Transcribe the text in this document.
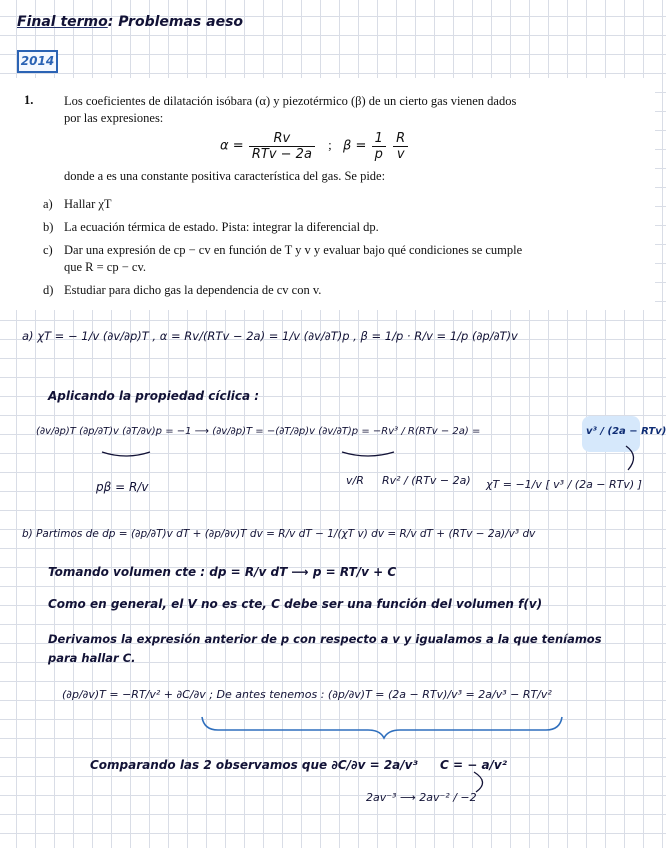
Final termo: Problemas aeso
2014
1. Los coeficientes de dilatación isóbara (α) y piezotérmico (β) de un cierto gas vienen dados por las expresiones:
$\alpha = \frac{Rv}{\text{RTv − 2a}}$ ; $\beta = \frac{1}{p}$
$\frac{R}{v}$
donde a es una constante positiva característica del gas. Se pide:
a) Hallar χT
b) La ecuación térmica de estado. Pista: integrar la diferencial dp.
c) Dar una expresión de cp − cv en función de T y v y evaluar bajo qué condiciones se cumple que R = cp − cv.
d) Estudiar para dicho gas la dependencia de cv con v.
a) χT = − 1/v (∂v/∂p)T , α = Rv/(RTv − 2a) = 1/v (∂v/∂T)p , β = 1/p · R/v = 1/p (∂p/∂T)v
Aplicando la propiedad cíclica :
(∂v/∂p)T (∂p/∂T)v (∂T/∂v)p = −1 ⟶ (∂v/∂p)T = −(∂T/∂p)v (∂v/∂T)p = −Rv³ / R(RTv − 2a) =	v³ / (2a − RTv)
pβ = R/v	v/R Rv² / (RTv − 2a) χT = −1/v [ v³ / (2a − RTv) ]
b) Partimos de dp = (∂p/∂T)v dT + (∂p/∂v)T dv = R/v dT − 1/(χT v) dv = R/v dT + (RTv − 2a)/v³ dv
Tomando volumen cte : dp = R/v dT ⟶ p = RT/v + C
Como en general, el V no es cte, C debe ser una función del volumen f(v)
Derivamos la expresión anterior de p con respecto a v y igualamos a la que teníamos
para hallar C.
(∂p/∂v)T = −RT/v² + ∂C/∂v ; De antes tenemos : (∂p/∂v)T = (2a − RTv)/v³ = 2a/v³ − RT/v²
Comparando las 2 observamos que ∂C/∂v = 2a/v³ C = − a/v²
2av⁻³ ⟶ 2av⁻² / −2
